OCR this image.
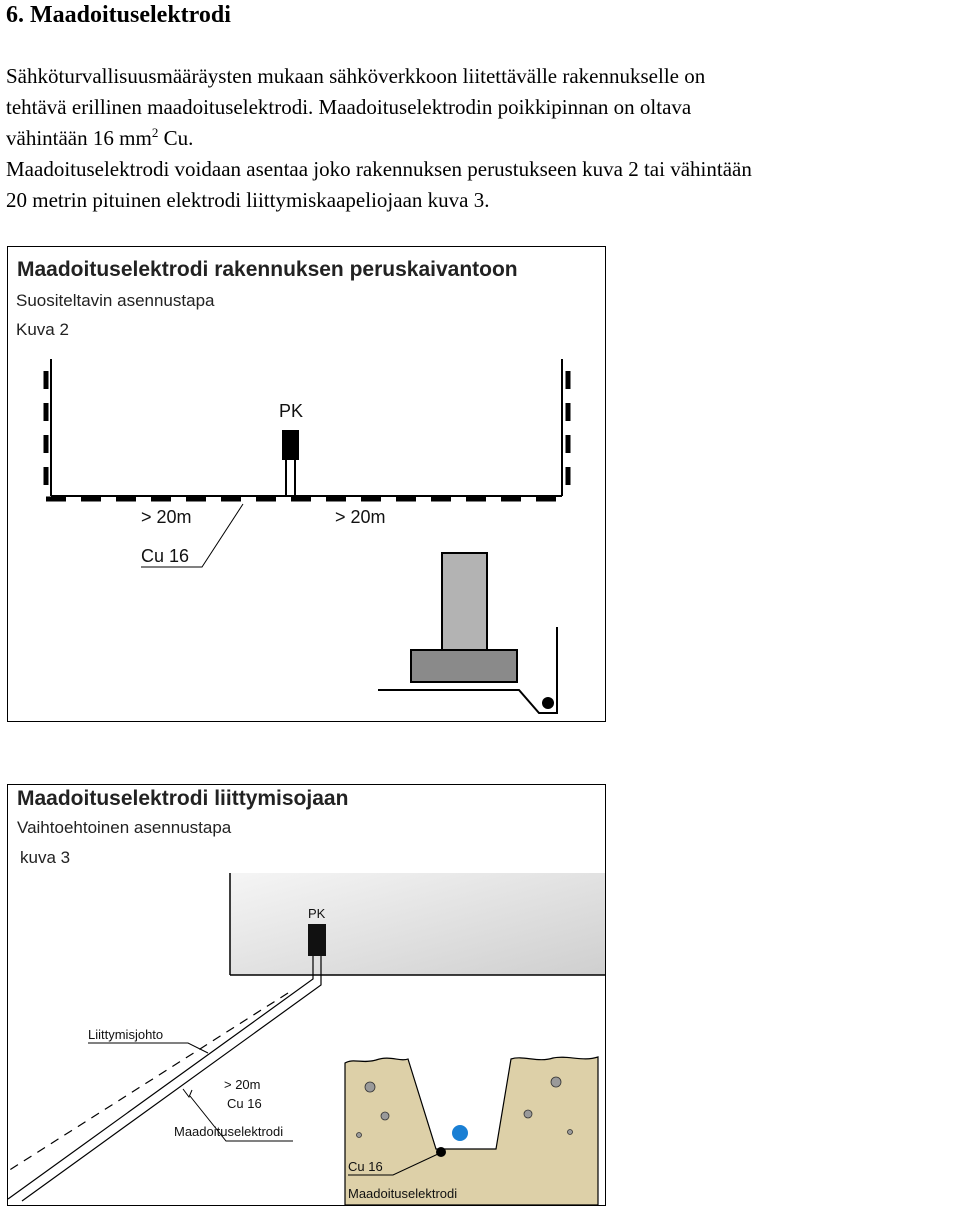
6. Maadoituselektrodi

Sähköturvallisuusmääräysten mukaan sähköverkkoon liitettävälle rakennukselle on
tehtävä erillinen maadoituselektrodi. Maadoituselektrodin poikkipinnan on oltava
vähintään 16 $mm^2$ Cu.

Maadoituselektrodi voidaan asentaa joko rakennuksen perustukseen kuva 2 tai vähintään
20 metrin pituinen elektrodi liittymiskaapeliojaan kuva 3.

Maadoituselektrodi rakennuksen peruskaivantoon
Suositeltavin asennustapa
Kuva 2
PK
> 20m	> 20m
Cu 16
Maadoituselektrodi liittymisojaan
Vaihtoehtoinen asennustapa
kuva 3
PK
Liittymisjohto
> 20m
Cu 16
Maadoituselektrodi
Cu 16
Maadoituselektrodi
